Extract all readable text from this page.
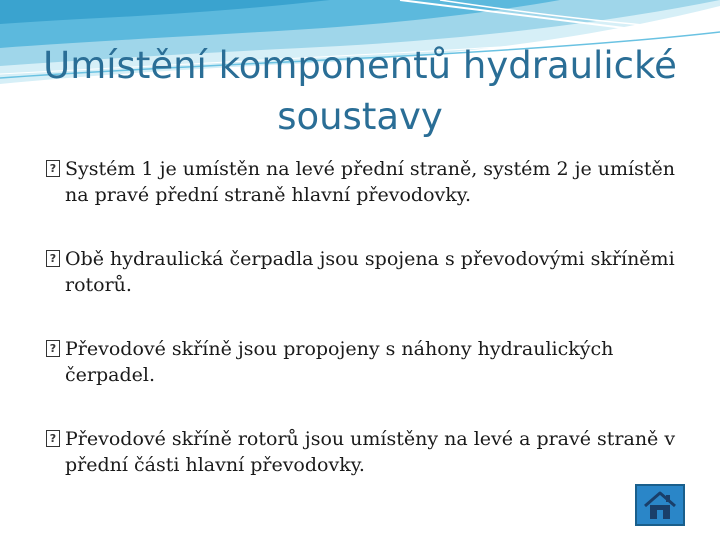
Umístění komponentů hydraulické
soustavy
? Systém 1 je umístěn na levé přední straně, systém 2 je umístěn na pravé přední straně hlavní převodovky.
? Obě hydraulická čerpadla jsou spojena s převodovými skříněmi rotorů.
? Převodové skříně jsou propojeny s náhony hydraulických čerpadel.
? Převodové skříně rotorů jsou umístěny na levé a pravé straně v přední části hlavní převodovky.
